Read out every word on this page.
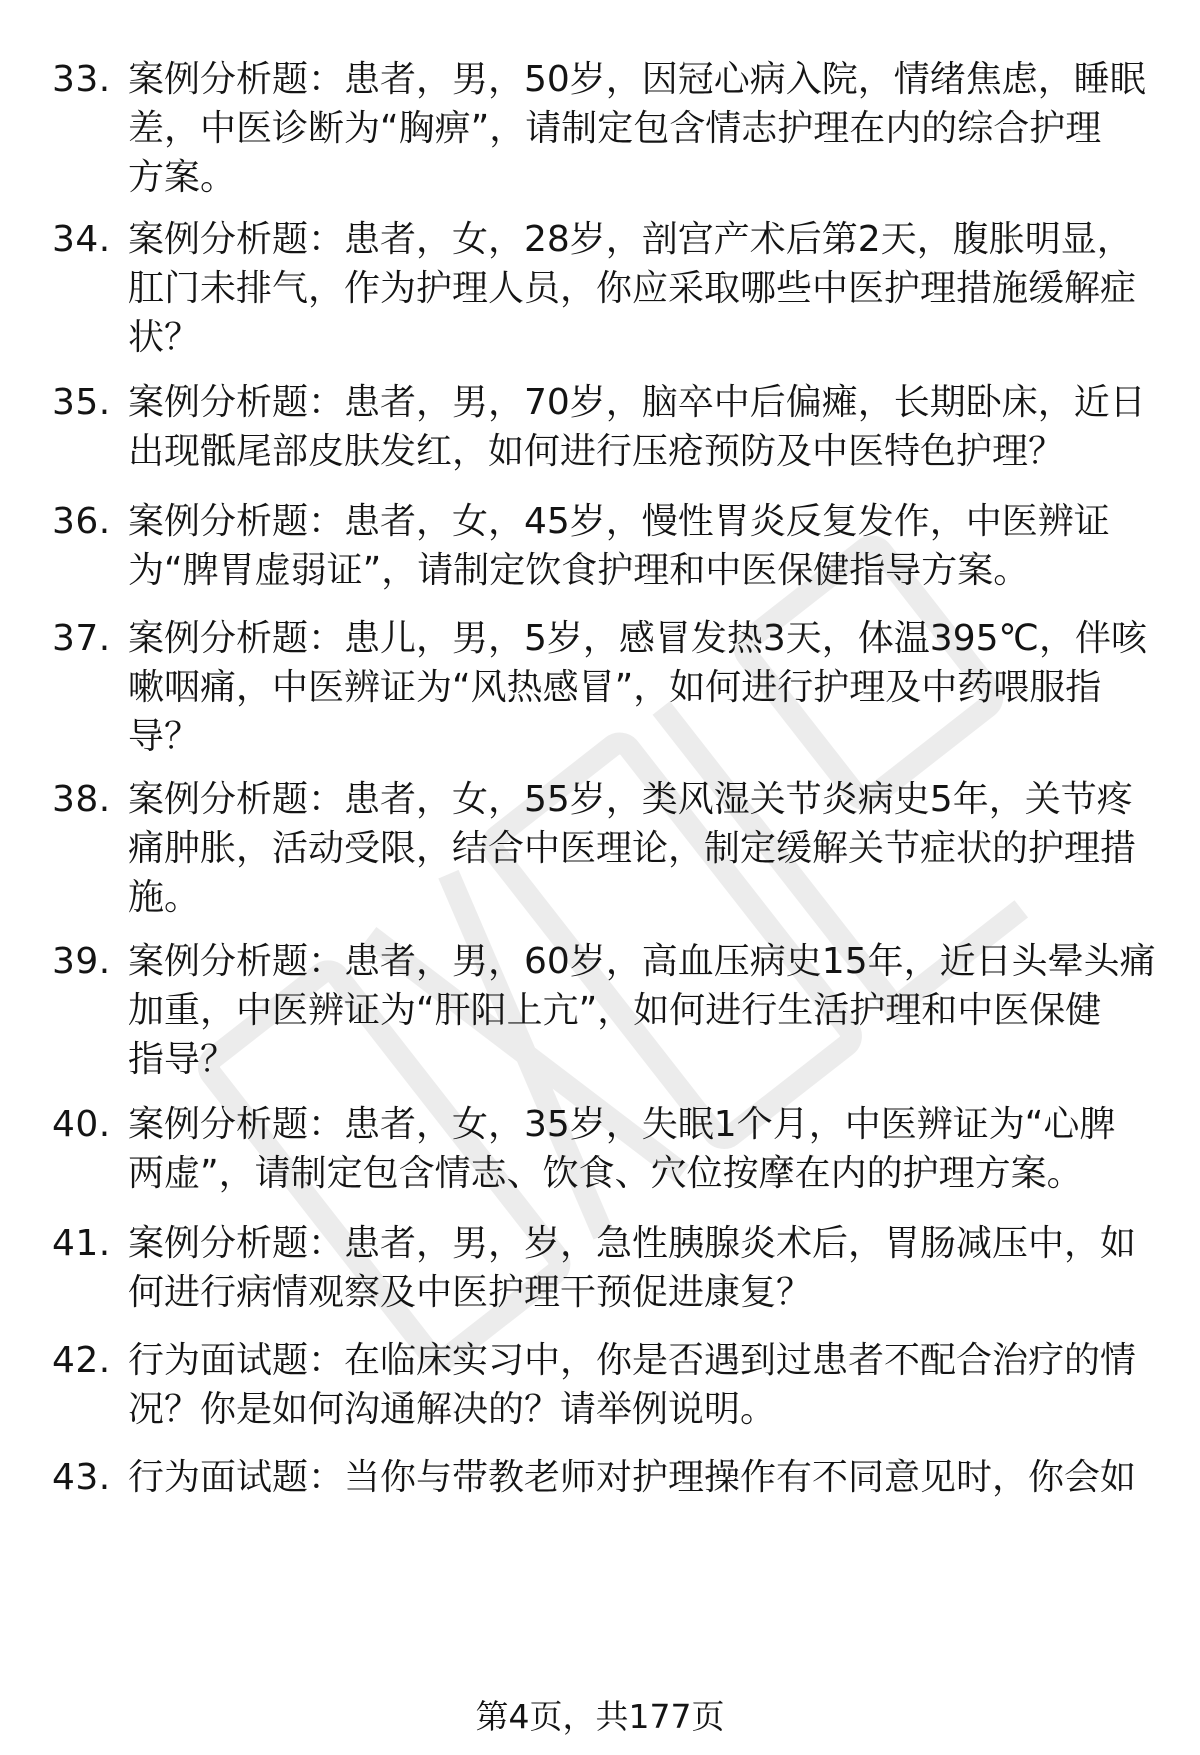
33. 案例分析题：患者，男，50岁，因冠心病入院，情绪焦虑，睡眠
差，中医诊断为“胸痹”，请制定包含情志护理在内的综合护理
方案。
34. 案例分析题：患者，女，28岁，剖宫产术后第2天，腹胀明显，
肛门未排气，作为护理人员，你应采取哪些中医护理措施缓解症
状？
35. 案例分析题：患者，男，70岁，脑卒中后偏瘫，长期卧床，近日
出现骶尾部皮肤发红，如何进行压疮预防及中医特色护理？
36. 案例分析题：患者，女，45岁，慢性胃炎反复发作，中医辨证
为“脾胃虚弱证”，请制定饮食护理和中医保健指导方案。
37. 案例分析题：患儿，男，5岁，感冒发热3天，体温395℃，伴咳
嗽咽痛，中医辨证为“风热感冒”，如何进行护理及中药喂服指
导？
38. 案例分析题：患者，女，55岁，类风湿关节炎病史5年，关节疼
痛肿胀，活动受限，结合中医理论，制定缓解关节症状的护理措
施。
39. 案例分析题：患者，男，60岁，高血压病史15年，近日头晕头痛
加重，中医辨证为“肝阳上亢”，如何进行生活护理和中医保健
指导？
40. 案例分析题：患者，女，35岁，失眠1个月，中医辨证为“心脾
两虚”，请制定包含情志、饮食、穴位按摩在内的护理方案。
41. 案例分析题：患者，男，岁，急性胰腺炎术后，胃肠减压中，如
何进行病情观察及中医护理干预促进康复？
42. 行为面试题：在临床实习中，你是否遇到过患者不配合治疗的情
况？你是如何沟通解决的？请举例说明。
43. 行为面试题：当你与带教老师对护理操作有不同意见时，你会如
第4页，共177页
